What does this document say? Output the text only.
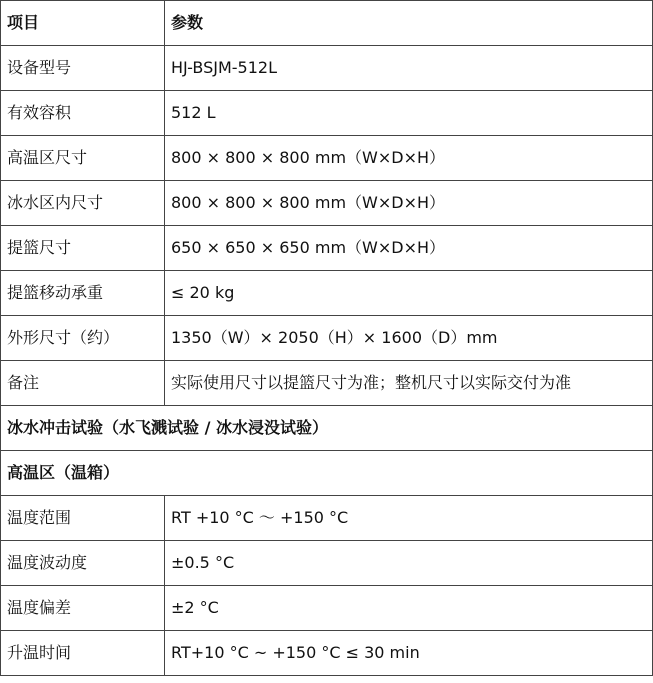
项目	参数
设备型号	HJ-BSJM-512L
有效容积	512 L
高温区尺寸	800 × 800 × 800 mm（W×D×H）
冰水区内尺寸	800 × 800 × 800 mm（W×D×H）
提篮尺寸	650 × 650 × 650 mm（W×D×H）
提篮移动承重	≤ 20 kg
外形尺寸（约）	1350（W）× 2050（H）× 1600（D）mm
备注	实际使用尺寸以提篮尺寸为准；整机尺寸以实际交付为准
冰水冲击试验（水飞溅试验 / 冰水浸没试验）	
高温区（温箱）	
温度范围	RT +10 °C ～ +150 °C
温度波动度	±0.5 °C
温度偏差	±2 °C
升温时间	RT+10 °C ~ +150 °C ≤ 30 min
